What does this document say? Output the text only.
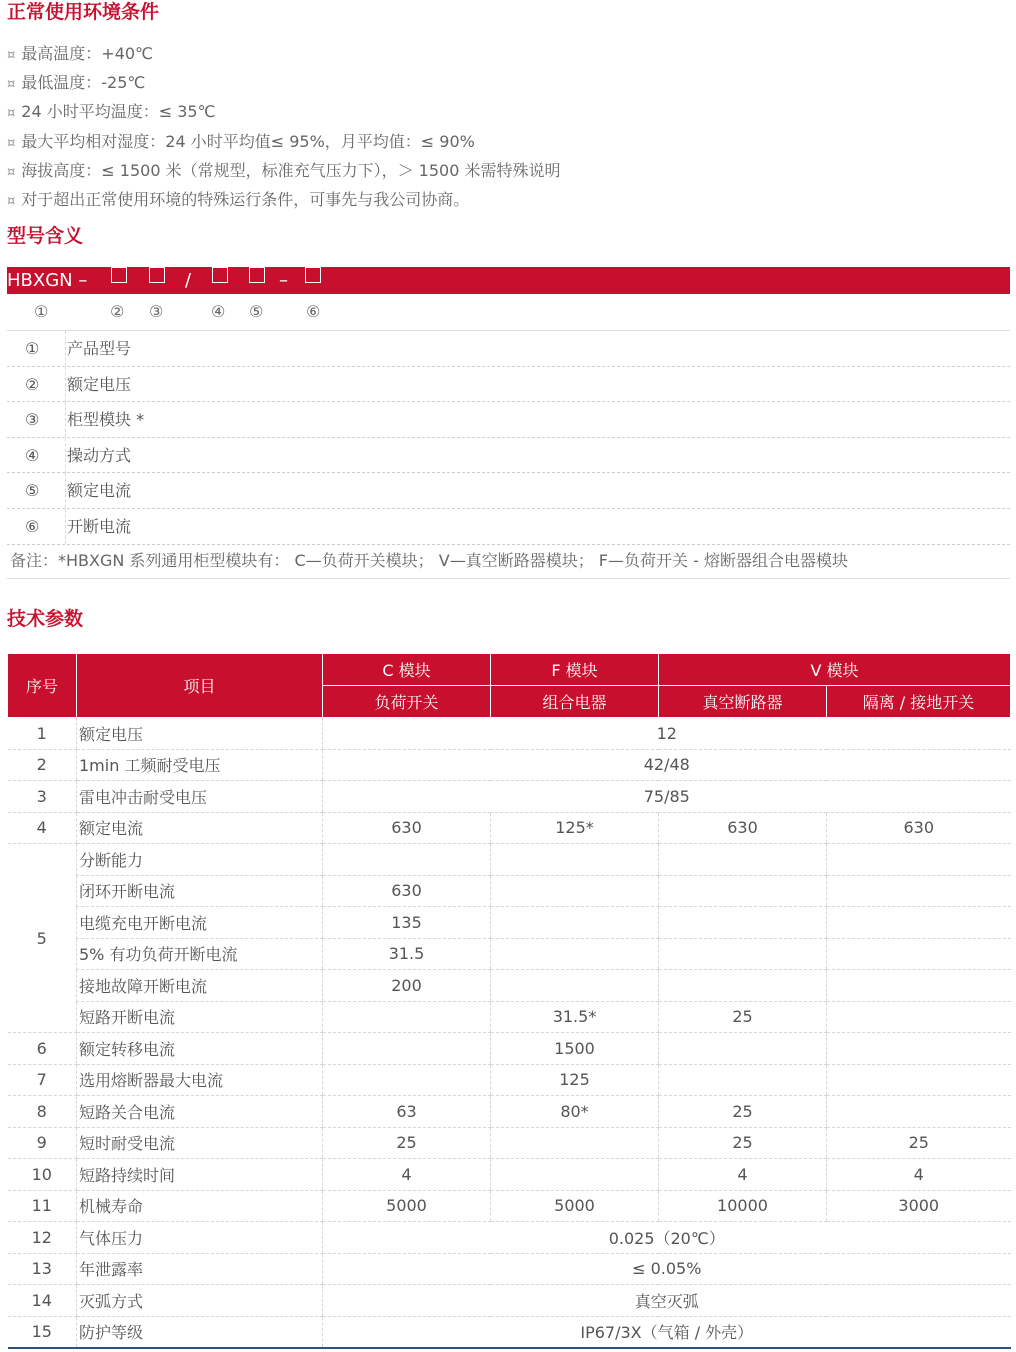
正常使用环境条件
¤ 最高温度：+40℃
¤ 最低温度：-25℃
¤ 24 小时平均温度：≤ 35℃
¤ 最大平均相对湿度：24 小时平均值≤ 95%，月平均值：≤ 90%
¤ 海拔高度：≤ 1500 米（常规型，标准充气压力下），＞ 1500 米需特殊说明
¤ 对于超出正常使用环境的特殊运行条件，可事先与我公司协商。
型号含义
HBXGN –	/	–
①	② ③	④ ⑤	⑥
① 产品型号
② 额定电压
③ 柜型模块 *
④ 操动方式
⑤ 额定电流
⑥ 开断电流
备注：*HBXGN 系列通用柜型模块有： C—负荷开关模块； V—真空断路器模块； F—负荷开关 - 熔断器组合电器模块
技术参数
序号	项目	C 模块	F 模块	V 模块	
		负荷开关	组合电器	真空断路器	隔离 / 接地开关
1	额定电压	12			
2	1min 工频耐受电压	42/48			
3	雷电冲击耐受电压	75/85			
4	额定电流	630	125*	630	630
5	分断能力				
	闭环开断电流	630			
	电缆充电开断电流	135			
	5% 有功负荷开断电流	31.5			
	接地故障开断电流	200			
	短路开断电流		31.5*	25	
6	额定转移电流		1500		
7	选用熔断器最大电流		125		
8	短路关合电流	63	80*	25	
9	短时耐受电流	25		25	25
10	短路持续时间	4		4	4
11	机械寿命	5000	5000	10000	3000
12	气体压力	0.025（20℃）			
13	年泄露率	≤ 0.05%			
14	灭弧方式	真空灭弧			
15	防护等级	IP67/3X（气箱 / 外壳）			
